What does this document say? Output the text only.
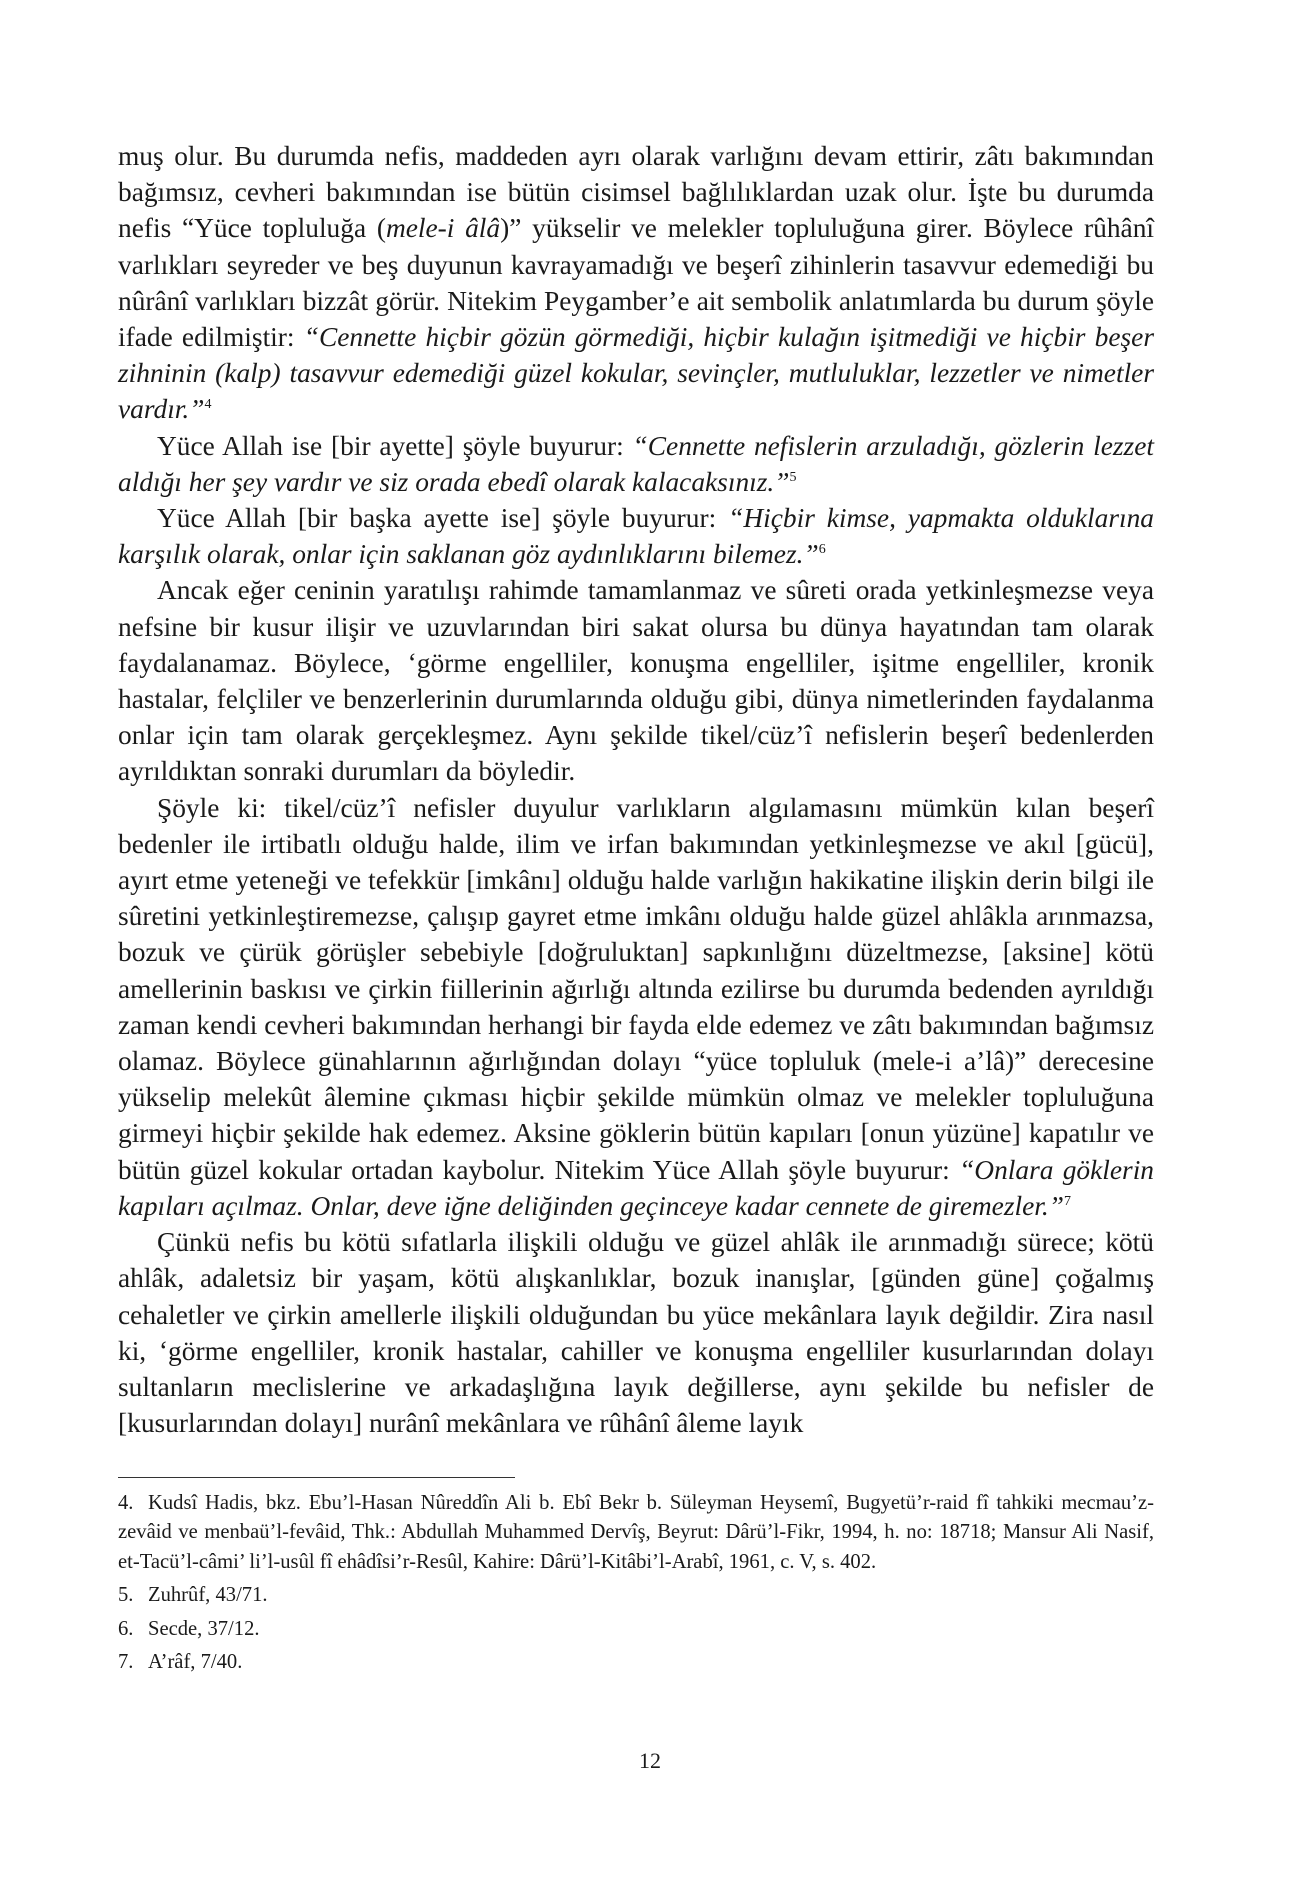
muş olur. Bu durumda nefis, maddeden ayrı olarak varlığını devam ettirir, zâtı bakımından bağımsız, cevheri bakımından ise bütün cisimsel bağlılıklardan uzak olur. İşte bu durumda nefis “Yüce topluluğa (mele-i âlâ)” yükselir ve melekler topluluğuna girer. Böylece rûhânî varlıkları seyreder ve beş duyunun kavrayamadığı ve beşerî zihinlerin tasavvur edemediği bu nûrânî varlıkları bizzât görür. Nitekim Peygamber’e ait sembolik anlatımlarda bu durum şöyle ifade edilmiştir: “Cennette hiçbir gözün görmediği, hiçbir kulağın işitmediği ve hiçbir beşer zihninin (kalp) tasavvur edemediği güzel kokular, sevinçler, mutluluklar, lezzetler ve nimetler vardır.”$^4$

Yüce Allah ise [bir ayette] şöyle buyurur: “Cennette nefislerin arzuladığı, gözlerin lezzet aldığı her şey vardır ve siz orada ebedî olarak kalacaksınız.”$^5$

Yüce Allah [bir başka ayette ise] şöyle buyurur: “Hiçbir kimse, yapmakta olduklarına karşılık olarak, onlar için saklanan göz aydınlıklarını bilemez.”$^6$

Ancak eğer ceninin yaratılışı rahimde tamamlanmaz ve sûreti orada yetkinleşmezse veya nefsine bir kusur ilişir ve uzuvlarından biri sakat olursa bu dünya hayatından tam olarak faydalanamaz. Böylece, ‘görme engelliler, konuşma engelliler, işitme engelliler, kronik hastalar, felçliler ve benzerlerinin durumlarında olduğu gibi, dünya nimetlerinden faydalanma onlar için tam olarak gerçekleşmez. Aynı şekilde tikel/cüz’î nefislerin beşerî bedenlerden ayrıldıktan sonraki durumları da böyledir.

Şöyle ki: tikel/cüz’î nefisler duyulur varlıkların algılamasını mümkün kılan beşerî bedenler ile irtibatlı olduğu halde, ilim ve irfan bakımından yetkinleşmezse ve akıl [gücü], ayırt etme yeteneği ve tefekkür [imkânı] olduğu halde varlığın hakikatine ilişkin derin bilgi ile sûretini yetkinleştiremezse, çalışıp gayret etme imkânı olduğu halde güzel ahlâkla arınmazsa, bozuk ve çürük görüşler sebebiyle [doğruluktan] sapkınlığını düzeltmezse, [aksine] kötü amellerinin baskısı ve çirkin fiillerinin ağırlığı altında ezilirse bu durumda bedenden ayrıldığı zaman kendi cevheri bakımından herhangi bir fayda elde edemez ve zâtı bakımından bağımsız olamaz. Böylece günahlarının ağırlığından dolayı “yüce topluluk (mele-i a’lâ)” derecesine yükselip melekût âlemine çıkması hiçbir şekilde mümkün olmaz ve melekler topluluğuna girmeyi hiçbir şekilde hak edemez. Aksine göklerin bütün kapıları [onun yüzüne] kapatılır ve bütün güzel kokular ortadan kaybolur. Nitekim Yüce Allah şöyle buyurur: “Onlara göklerin kapıları açılmaz. Onlar, deve iğne deliğinden geçinceye kadar cennete de giremezler.”$^7$

Çünkü nefis bu kötü sıfatlarla ilişkili olduğu ve güzel ahlâk ile arınmadığı sürece; kötü ahlâk, adaletsiz bir yaşam, kötü alışkanlıklar, bozuk inanışlar, [günden güne] çoğalmış cehaletler ve çirkin amellerle ilişkili olduğundan bu yüce mekânlara layık değildir. Zira nasıl ki, ‘görme engelliler, kronik hastalar, cahiller ve konuşma engelliler kusurlarından dolayı sultanların meclislerine ve arkadaşlığına layık değillerse, aynı şekilde bu nefisler de [kusurlarından dolayı] nurânî mekânlara ve rûhânî âleme layık

4. Kudsî Hadis, bkz. Ebu’l-Hasan Nûreddîn Ali b. Ebî Bekr b. Süleyman Heysemî, Bugyetü’r-raid fî tahkiki mecmau’z-zevâid ve menbaü’l-fevâid, Thk.: Abdullah Muhammed Dervîş, Beyrut: Dârü’l-Fikr, 1994, h. no: 18718; Mansur Ali Nasif, et-Tacü’l-câmi’ li’l-usûl fî ehâdîsi’r-Resûl, Kahire: Dârü’l-Kitâbi’l-Arabî, 1961, c. V, s. 402.

5. Zuhrûf, 43/71.

6. Secde, 37/12.

7. A’râf, 7/40.

12
